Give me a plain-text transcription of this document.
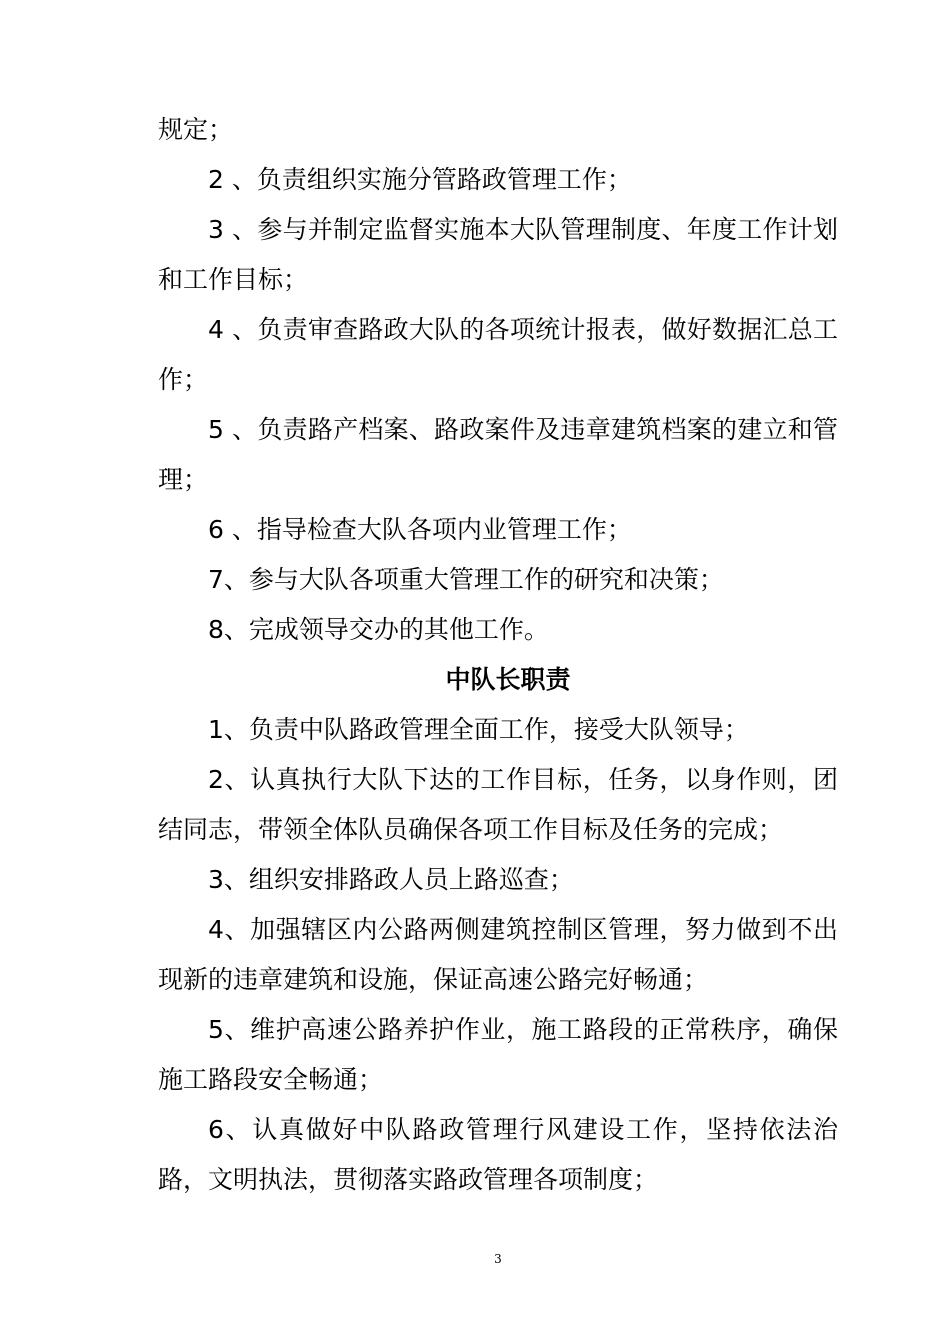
规定；

2 、负责组织实施分管路政管理工作；

3 、参与并制定监督实施本大队管理制度、年度工作计划和工作目标；

4 、负责审查路政大队的各项统计报表，做好数据汇总工作；

5 、负责路产档案、路政案件及违章建筑档案的建立和管理；

6 、指导检查大队各项内业管理工作；

7、参与大队各项重大管理工作的研究和决策；

8、完成领导交办的其他工作。

中队长职责

1、负责中队路政管理全面工作，接受大队领导；

2、认真执行大队下达的工作目标，任务，以身作则，团结同志，带领全体队员确保各项工作目标及任务的完成；

3、组织安排路政人员上路巡查；

4、加强辖区内公路两侧建筑控制区管理，努力做到不出现新的违章建筑和设施，保证高速公路完好畅通；

5、维护高速公路养护作业，施工路段的正常秩序，确保施工路段安全畅通；

6、认真做好中队路政管理行风建设工作，坚持依法治路，文明执法，贯彻落实路政管理各项制度；

3
